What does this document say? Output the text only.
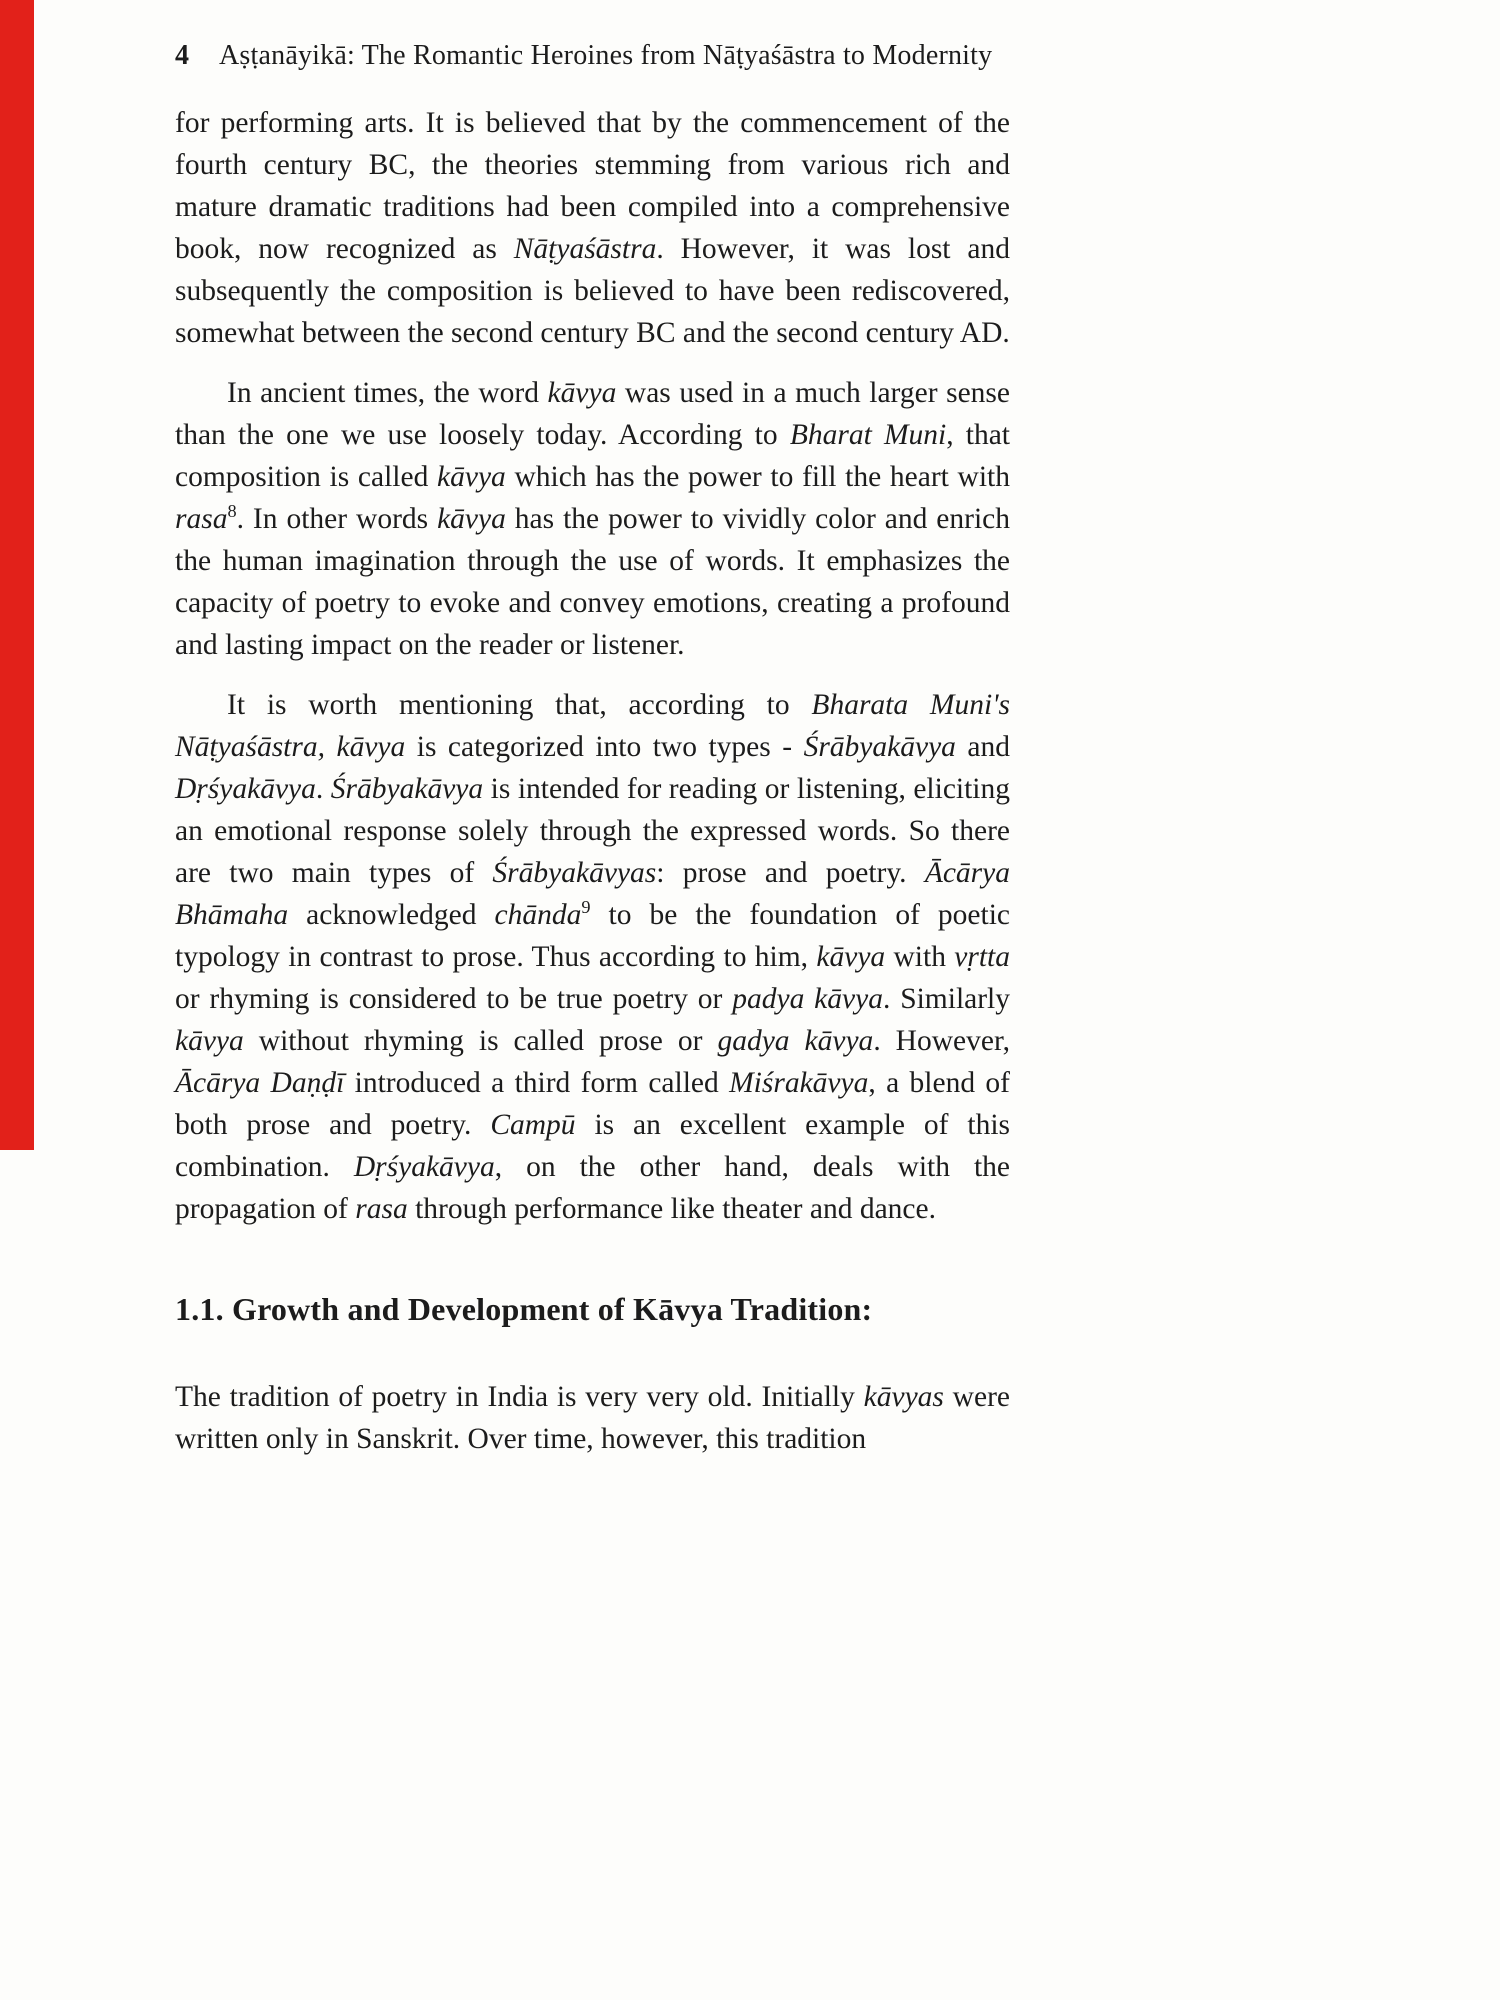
4 Aṣṭanāyikā: The Romantic Heroines from Nāṭyaśāstra to Modernity

for performing arts. It is believed that by the commencement of the fourth century BC, the theories stemming from various rich and mature dramatic traditions had been compiled into a comprehensive book, now recognized as Nāṭyaśāstra. However, it was lost and subsequently the composition is believed to have been rediscovered, somewhat between the second century BC and the second century AD.

In ancient times, the word kāvya was used in a much larger sense than the one we use loosely today. According to Bharat Muni, that composition is called kāvya which has the power to fill the heart with rasa$^8$. In other words kāvya has the power to vividly color and enrich the human imagination through the use of words. It emphasizes the capacity of poetry to evoke and convey emotions, creating a profound and lasting impact on the reader or listener.

It is worth mentioning that, according to Bharata Muni's Nāṭyaśāstra, kāvya is categorized into two types - Śrābyakāvya and Dṛśyakāvya. Śrābyakāvya is intended for reading or listening, eliciting an emotional response solely through the expressed words. So there are two main types of Śrābyakāvyas: prose and poetry. Ācārya Bhāmaha acknowledged chānda$^9$ to be the foundation of poetic typology in contrast to prose. Thus according to him, kāvya with vṛtta or rhyming is considered to be true poetry or padya kāvya. Similarly kāvya without rhyming is called prose or gadya kāvya. However, Ācārya Daṇḍī introduced a third form called Miśrakāvya, a blend of both prose and poetry. Campū is an excellent example of this combination. Dṛśyakāvya, on the other hand, deals with the propagation of rasa through performance like theater and dance.

1.1. Growth and Development of Kāvya Tradition:

The tradition of poetry in India is very very old. Initially kāvyas were written only in Sanskrit. Over time, however, this tradition
